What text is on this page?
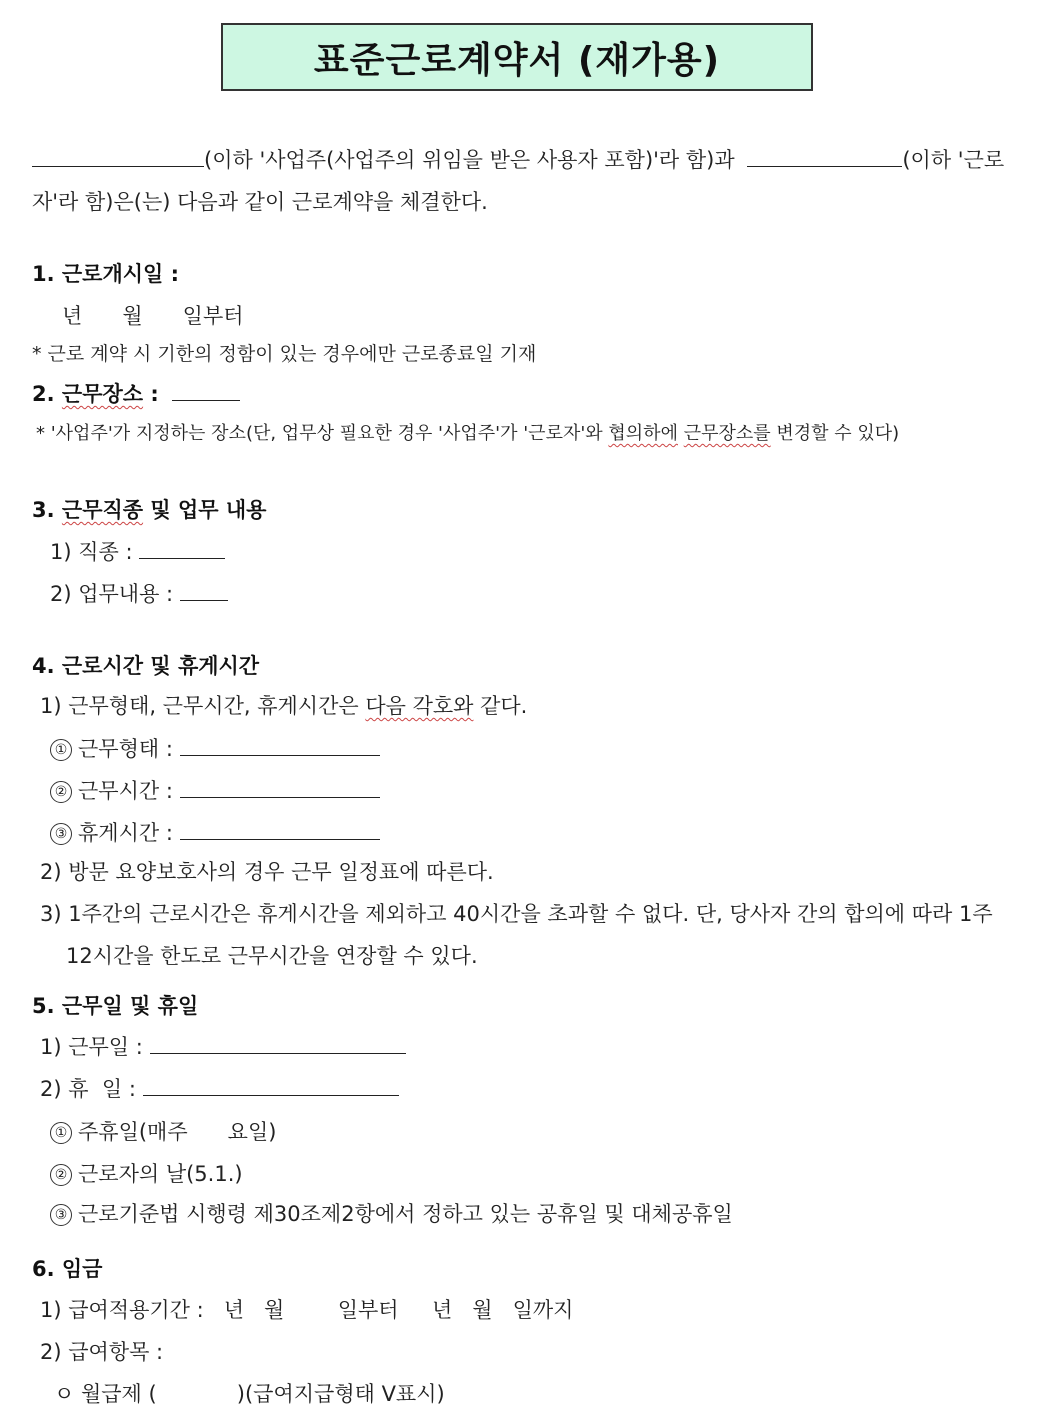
표준근로계약서 (재가용)
(이하 '사업주(사업주의 위임을 받은 사용자 포함)'라 함)과	(이하 '근로
자'라 함)은(는) 다음과 같이 근로계약을 체결한다.
1. 근로개시일 :
년      월      일부터
* 근로 계약 시 기한의 정함이 있는 경우에만 근로종료일 기재
2. 근무장소 :
* '사업주'가 지정하는 장소(단, 업무상 필요한 경우 '사업주'가 '근로자'와 협의하에 근무장소를 변경할 수 있다)
3. 근무직종 및 업무 내용
1) 직종 :
2) 업무내용 :
4. 근로시간 및 휴게시간
1) 근무형태, 근무시간, 휴게시간은 다음 각호와 같다.
① 근무형태 :
② 근무시간 :
③ 휴게시간 :
2) 방문 요양보호사의 경우 근무 일정표에 따른다.
3) 1주간의 근로시간은 휴게시간을 제외하고 40시간을 초과할 수 없다. 단, 당사자 간의 합의에 따라 1주
12시간을 한도로 근무시간을 연장할 수 있다.
5. 근무일 및 휴일
1) 근무일 :
2) 휴  일 :
① 주휴일(매주      요일)
② 근로자의 날(5.1.)
③ 근로기준법 시행령 제30조제2항에서 정하고 있는 공휴일 및 대체공휴일
6. 임금
1) 급여적용기간 :   년   월        일부터     년   월   일까지
2) 급여항목 :
ㅇ 월급제 (            )(급여지급형태 V표시)
